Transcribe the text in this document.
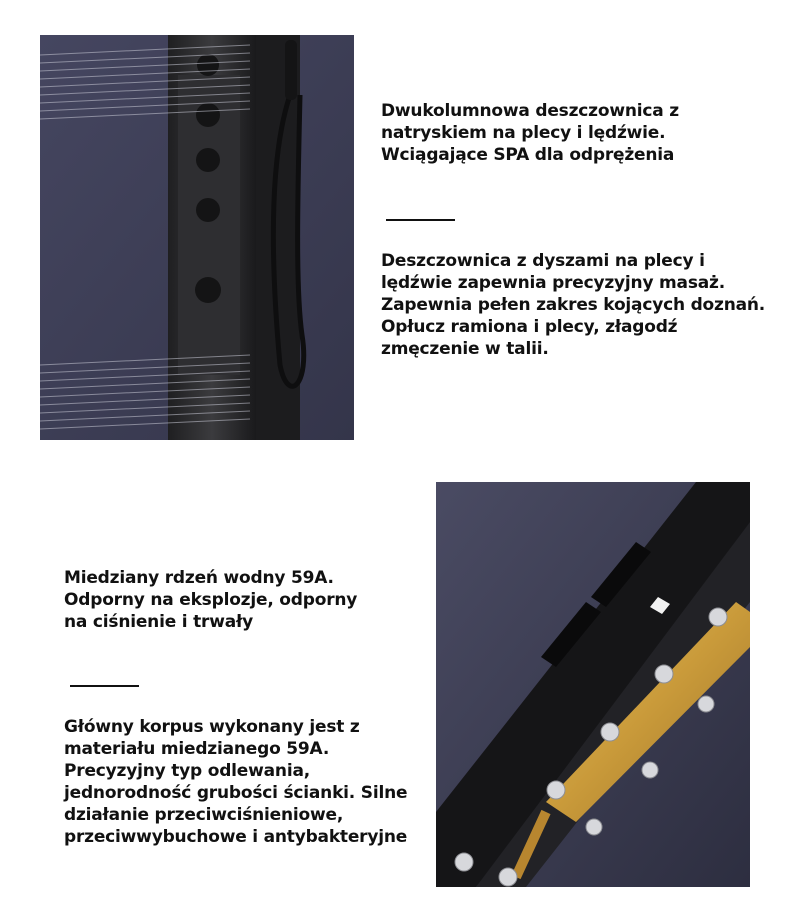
Dwukolumnowa deszczownica z
natryskiem na plecy i lędźwie.
Wciągające SPA dla odprężenia
Deszczownica z dyszami na plecy i
lędźwie zapewnia precyzyjny masaż.
Zapewnia pełen zakres kojących doznań.
Opłucz ramiona i plecy, złagodź
zmęczenie w talii.
Miedziany rdzeń wodny 59A.
Odporny na eksplozje, odporny
na ciśnienie i trwały
Główny korpus wykonany jest z
materiału miedzianego 59A.
Precyzyjny typ odlewania,
jednorodność grubości ścianki. Silne
działanie przeciwciśnieniowe,
przeciwwybuchowe i antybakteryjne
